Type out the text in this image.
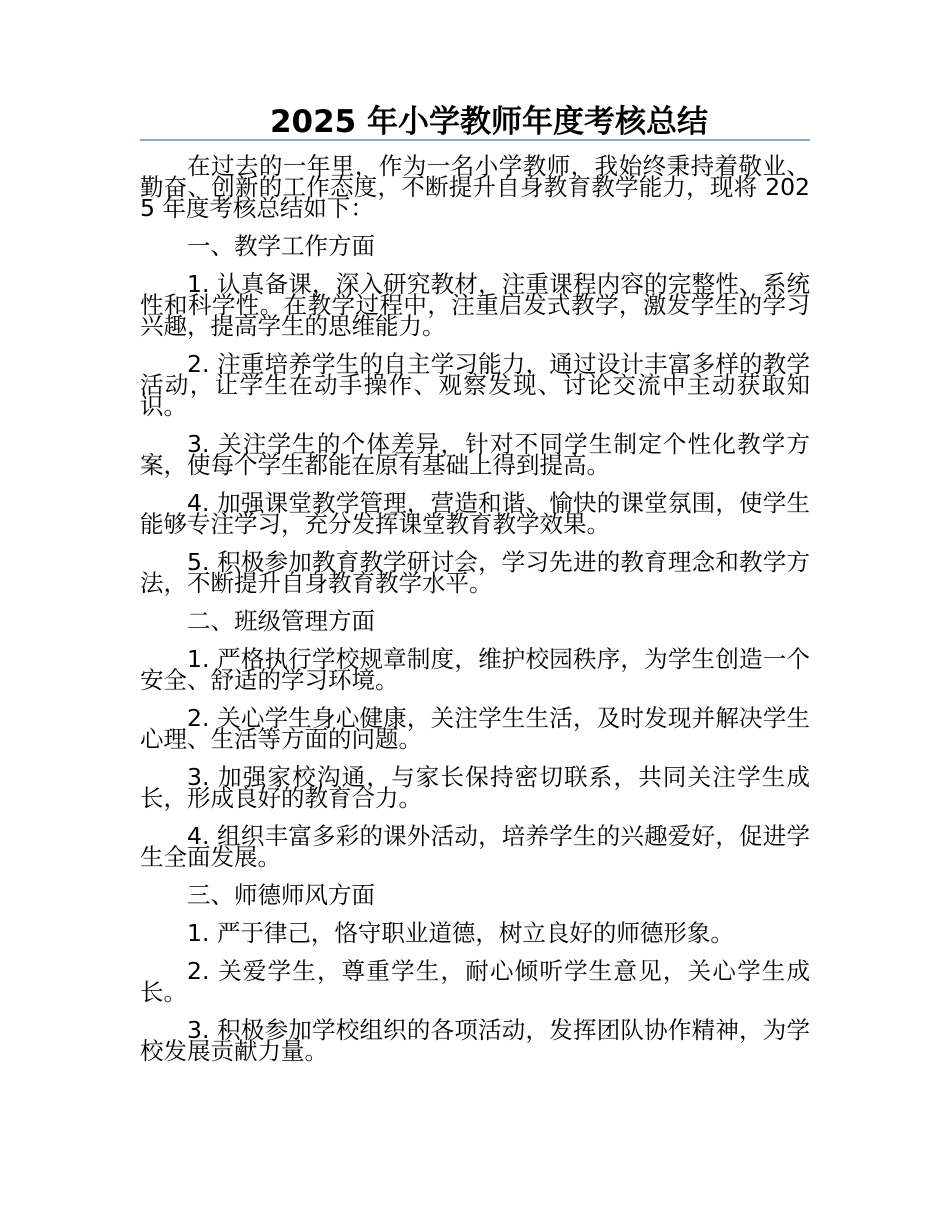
2025 年小学教师年度考核总结

在过去的一年里，作为一名小学教师，我始终秉持着敬业、勤奋、创新的工作态度，不断提升自身教育教学能力，现将 2025 年度考核总结如下：

一、教学工作方面

1. 认真备课，深入研究教材，注重课程内容的完整性、系统性和科学性。在教学过程中，注重启发式教学，激发学生的学习兴趣，提高学生的思维能力。

2. 注重培养学生的自主学习能力，通过设计丰富多样的教学活动，让学生在动手操作、观察发现、讨论交流中主动获取知识。

3. 关注学生的个体差异，针对不同学生制定个性化教学方案，使每个学生都能在原有基础上得到提高。

4. 加强课堂教学管理，营造和谐、愉快的课堂氛围，使学生能够专注学习，充分发挥课堂教育教学效果。

5. 积极参加教育教学研讨会，学习先进的教育理念和教学方法，不断提升自身教育教学水平。

二、班级管理方面

1. 严格执行学校规章制度，维护校园秩序，为学生创造一个安全、舒适的学习环境。

2. 关心学生身心健康，关注学生生活，及时发现并解决学生心理、生活等方面的问题。

3. 加强家校沟通，与家长保持密切联系，共同关注学生成长，形成良好的教育合力。

4. 组织丰富多彩的课外活动，培养学生的兴趣爱好，促进学生全面发展。

三、师德师风方面

1. 严于律己，恪守职业道德，树立良好的师德形象。

2. 关爱学生，尊重学生，耐心倾听学生意见，关心学生成长。

3. 积极参加学校组织的各项活动，发挥团队协作精神，为学校发展贡献力量。
